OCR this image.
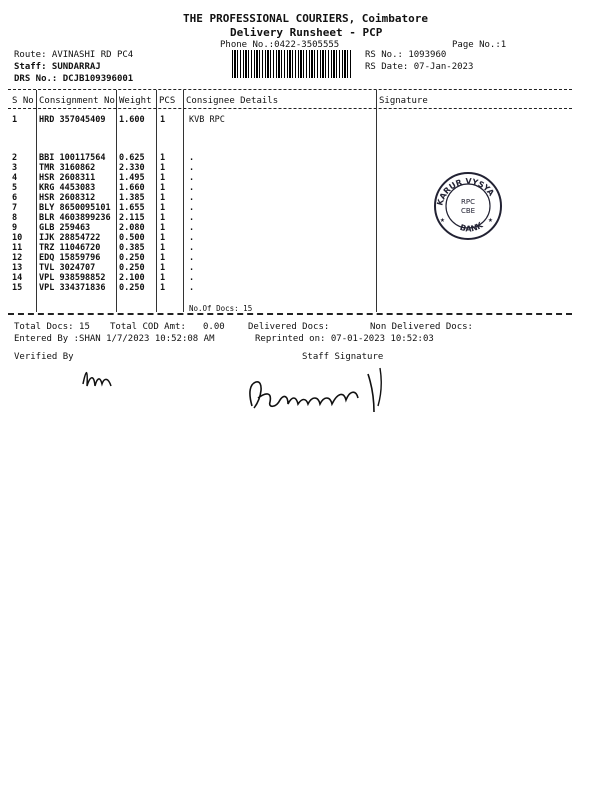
THE PROFESSIONAL COURIERS, Coimbatore
Delivery Runsheet - PCP
Phone No.:0422-3505555	Page No.:1
Route: AVINASHI RD PC4
Staff: SUNDARRAJ
DRS No.: DCJB109396001
RS No.: 1093960
RS Date: 07-Jan-2023
S No Consignment No Weight PCS Consignee Details	Signature
1	HRD 357045409 1.600 1	KVB RPC
2	BBI 100117564 0.625 1	.
3	TMR 3160862	2.330 1	.
4	HSR 2608311	1.495 1	.
5	KRG 4453083	1.660 1	.
6	HSR 2608312	1.385 1	.
7	BLY 8650095101 1.655 1	.
8	BLR 4603899236 2.115 1	.
9	GLB 259463	2.080 1	.
10 IJK 28854722 0.500 1	.
11 TRZ 11046720 0.385 1	.
12 EDQ 15859796 0.250 1	.
13 TVL 3024707	0.250 1	.
14 VPL 938598852 2.100 1	.
15 VPL 334371836 0.250 1	.
No.Of Docs: 15
Total Docs: 15 Total COD Amt: 0.00	Delivered Docs:	Non Delivered Docs:
Entered By :SHAN 1/7/2023 10:52:08 AM	Reprinted on: 07-01-2023 10:52:03
Verified By	Staff Signature
KARUR VYSYA
BANK
RPC
CBE
★	★
